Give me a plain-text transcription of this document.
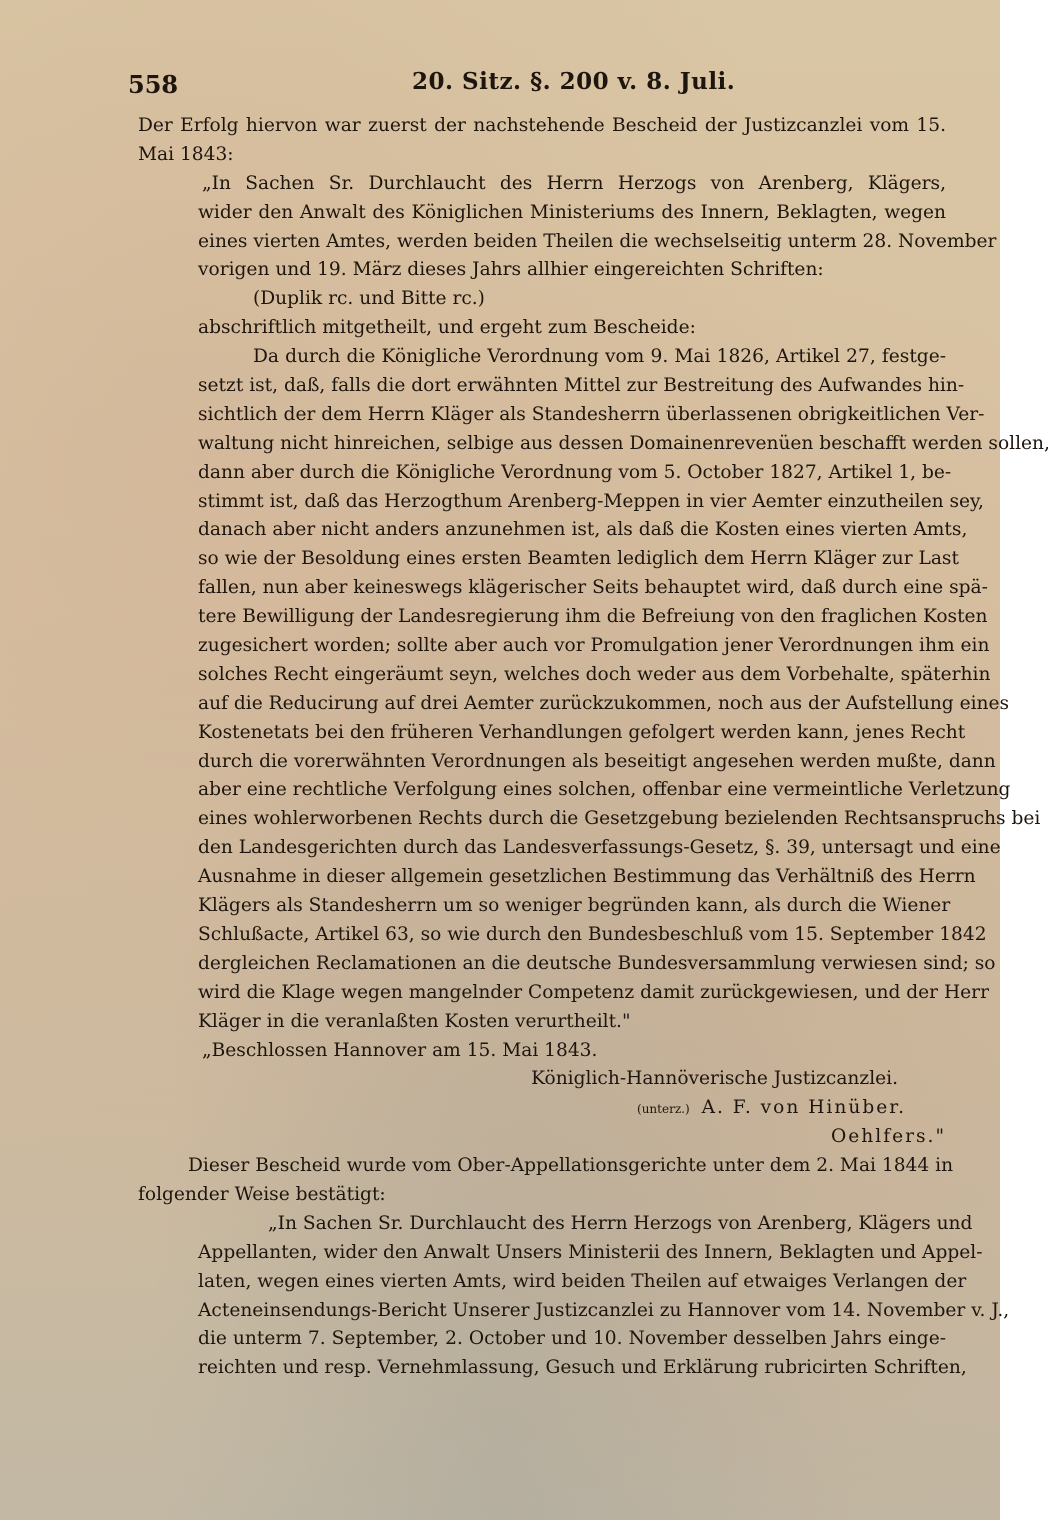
558	20. Sitz. §. 200 v. 8. Juli.
Der Erfolg hiervon war zuerst der nachstehende Bescheid der Justizcanzlei vom 15.
Mai 1843:
„In Sachen Sr. Durchlaucht des Herrn Herzogs von Arenberg, Klägers,
wider den Anwalt des Königlichen Ministeriums des Innern, Beklagten, wegen
eines vierten Amtes, werden beiden Theilen die wechselseitig unterm 28. November
vorigen und 19. März dieses Jahrs allhier eingereichten Schriften:
(Duplik rc. und Bitte rc.)
abschriftlich mitgetheilt, und ergeht zum Bescheide:
Da durch die Königliche Verordnung vom 9. Mai 1826, Artikel 27, festge-
setzt ist, daß, falls die dort erwähnten Mittel zur Bestreitung des Aufwandes hin-
sichtlich der dem Herrn Kläger als Standesherrn überlassenen obrigkeitlichen Ver-
waltung nicht hinreichen, selbige aus dessen Domainenrevenüen beschafft werden sollen,
dann aber durch die Königliche Verordnung vom 5. October 1827, Artikel 1, be-
stimmt ist, daß das Herzogthum Arenberg-Meppen in vier Aemter einzutheilen sey,
danach aber nicht anders anzunehmen ist, als daß die Kosten eines vierten Amts,
so wie der Besoldung eines ersten Beamten lediglich dem Herrn Kläger zur Last
fallen, nun aber keineswegs klägerischer Seits behauptet wird, daß durch eine spä-
tere Bewilligung der Landesregierung ihm die Befreiung von den fraglichen Kosten
zugesichert worden; sollte aber auch vor Promulgation jener Verordnungen ihm ein
solches Recht eingeräumt seyn, welches doch weder aus dem Vorbehalte, späterhin
auf die Reducirung auf drei Aemter zurückzukommen, noch aus der Aufstellung eines
Kostenetats bei den früheren Verhandlungen gefolgert werden kann, jenes Recht
durch die vorerwähnten Verordnungen als beseitigt angesehen werden mußte, dann
aber eine rechtliche Verfolgung eines solchen, offenbar eine vermeintliche Verletzung
eines wohlerworbenen Rechts durch die Gesetzgebung bezielenden Rechtsanspruchs bei
den Landesgerichten durch das Landesverfassungs-Gesetz, §. 39, untersagt und eine
Ausnahme in dieser allgemein gesetzlichen Bestimmung das Verhältniß des Herrn
Klägers als Standesherrn um so weniger begründen kann, als durch die Wiener
Schlußacte, Artikel 63, so wie durch den Bundesbeschluß vom 15. September 1842
dergleichen Reclamationen an die deutsche Bundesversammlung verwiesen sind; so
wird die Klage wegen mangelnder Competenz damit zurückgewiesen, und der Herr
Kläger in die veranlaßten Kosten verurtheilt."
„Beschlossen Hannover am 15. Mai 1843.
Königlich-Hannöverische Justizcanzlei.
(unterz.) A. F. von Hinüber.
Oehlfers."
Dieser Bescheid wurde vom Ober-Appellationsgerichte unter dem 2. Mai 1844 in
folgender Weise bestätigt:
„In Sachen Sr. Durchlaucht des Herrn Herzogs von Arenberg, Klägers und
Appellanten, wider den Anwalt Unsers Ministerii des Innern, Beklagten und Appel-
laten, wegen eines vierten Amts, wird beiden Theilen auf etwaiges Verlangen der
Acteneinsendungs-Bericht Unserer Justizcanzlei zu Hannover vom 14. November v. J.,
die unterm 7. September, 2. October und 10. November desselben Jahrs einge-
reichten und resp. Vernehmlassung, Gesuch und Erklärung rubricirten Schriften,
